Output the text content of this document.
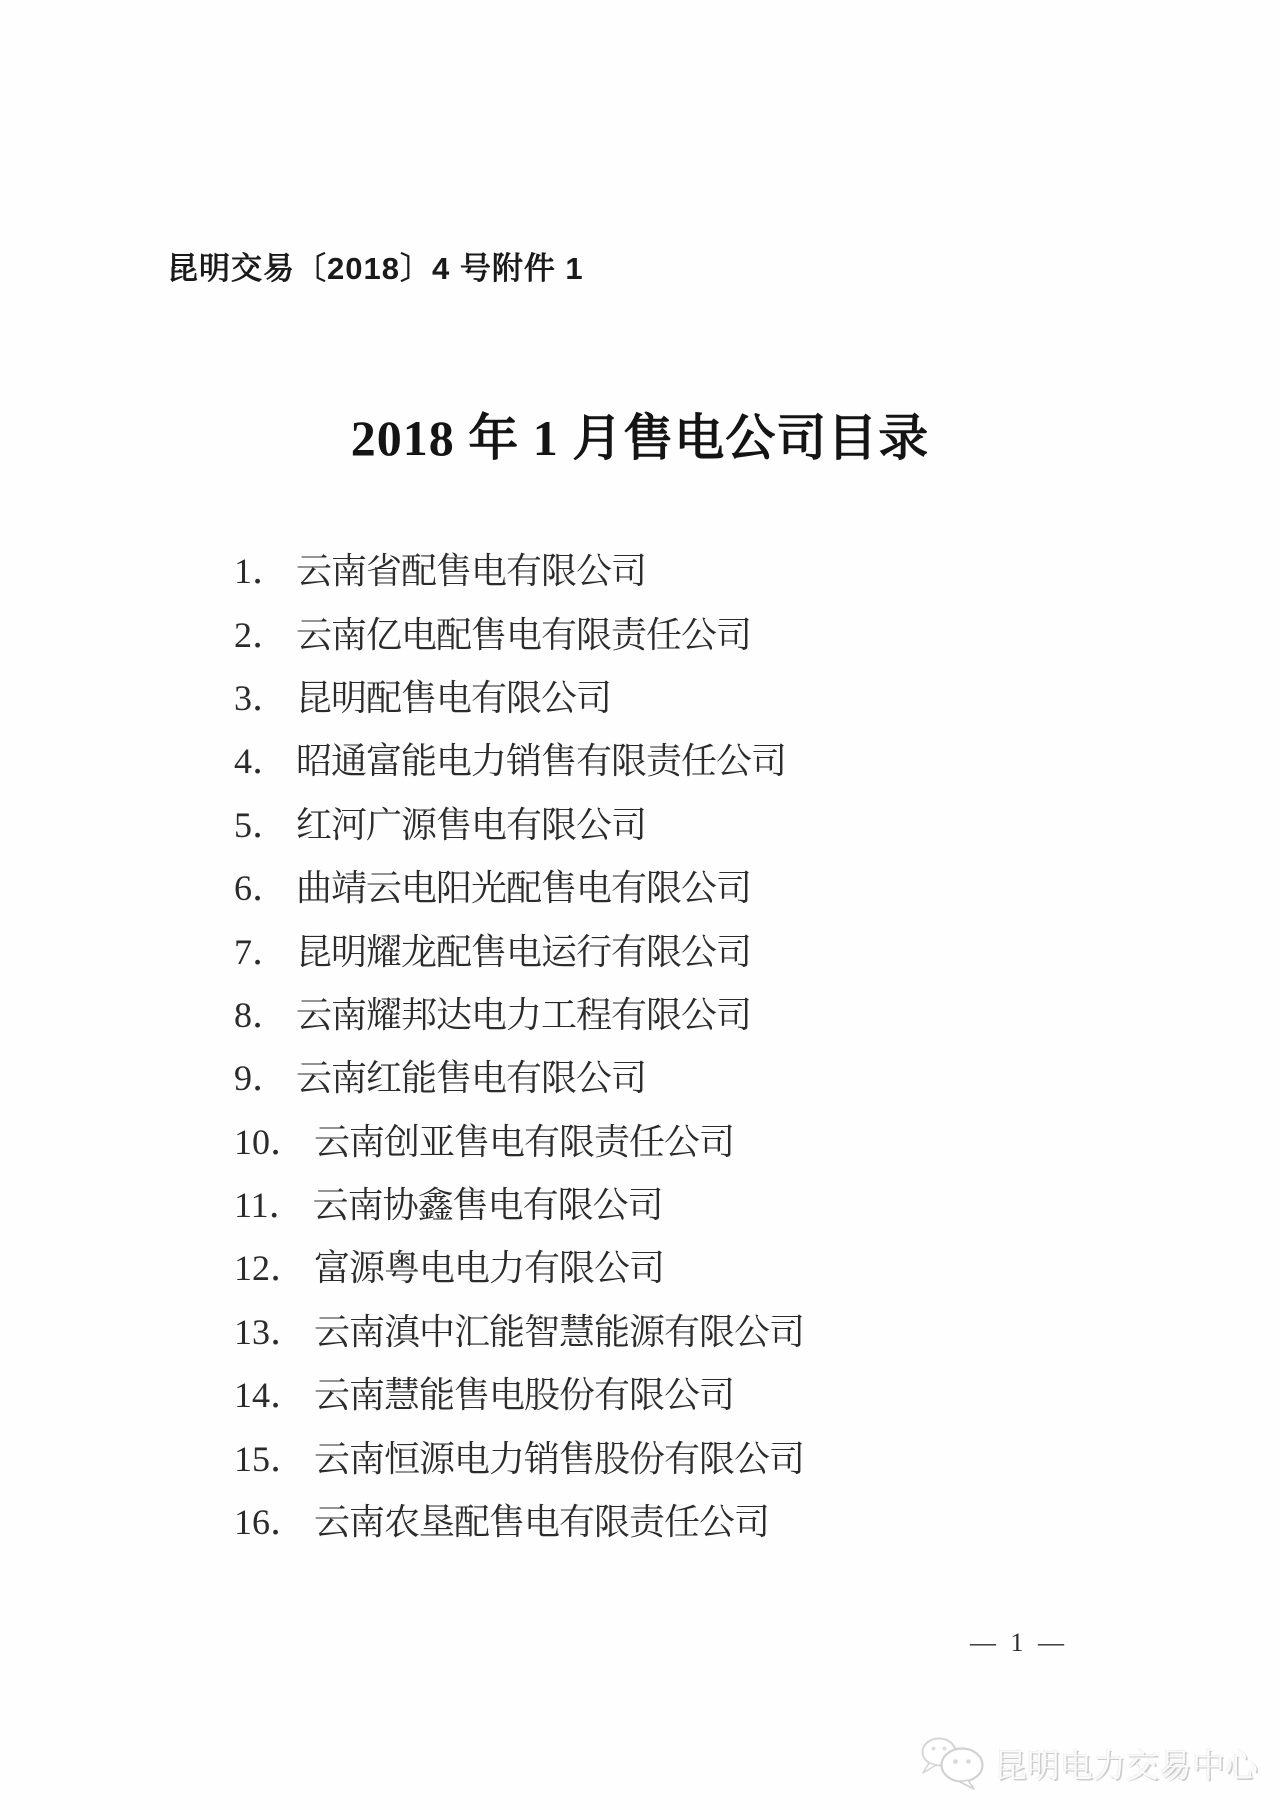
昆明交易〔2018〕4 号附件 1
2018 年 1 月售电公司目录
1． 云南省配售电有限公司
2． 云南亿电配售电有限责任公司
3． 昆明配售电有限公司
4． 昭通富能电力销售有限责任公司
5． 红河广源售电有限公司
6． 曲靖云电阳光配售电有限公司
7． 昆明耀龙配售电运行有限公司
8． 云南耀邦达电力工程有限公司
9． 云南红能售电有限公司
10． 云南创亚售电有限责任公司
11． 云南协鑫售电有限公司
12． 富源粤电电力有限公司
13． 云南滇中汇能智慧能源有限公司
14． 云南慧能售电股份有限公司
15． 云南恒源电力销售股份有限公司
16． 云南农垦配售电有限责任公司
— 1 —
昆明电力交易中心
